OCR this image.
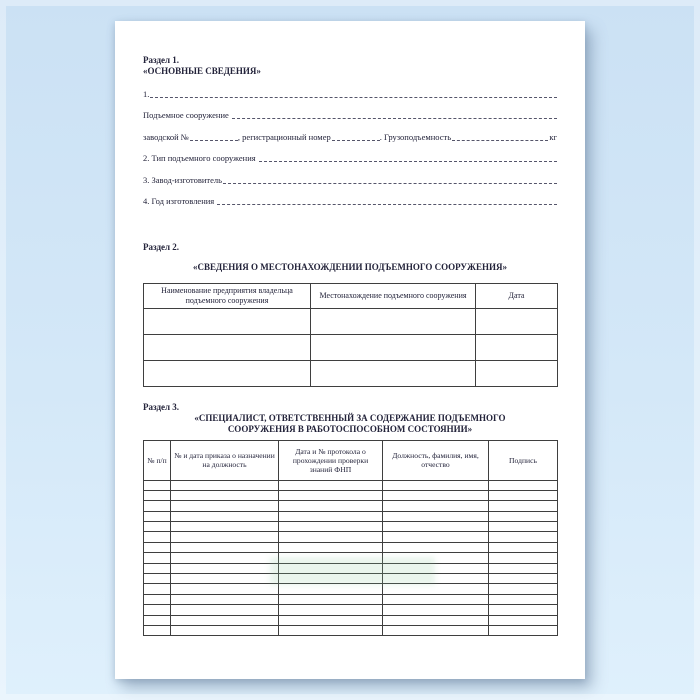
Раздел 1.
«ОСНОВНЫЕ СВЕДЕНИЯ»
1.
Подъемное сооружение
заводской №	, регистрационный номер	. Грузоподъемность	кг
2. Тип подъемного сооружения
3. Завод-изготовитель
4. Год изготовления
Раздел 2.
«СВЕДЕНИЯ О МЕСТОНАХОЖДЕНИИ ПОДЪЕМНОГО СООРУЖЕНИЯ»
Наименование предприятия владельца подъемного сооружения	Местонахождение подъемного сооружения	Дата

Раздел 3.
«СПЕЦИАЛИСТ, ОТВЕТСТВЕННЫЙ ЗА СОДЕРЖАНИЕ ПОДЪЕМНОГО
СООРУЖЕНИЯ В РАБОТОСПОСОБНОМ СОСТОЯНИИ»
№ п/п	№ и дата приказа о назначении на должность	Дата и № протокола о прохождении проверки знаний ФНП	Должность, фамилия, имя, отчество	Подпись
